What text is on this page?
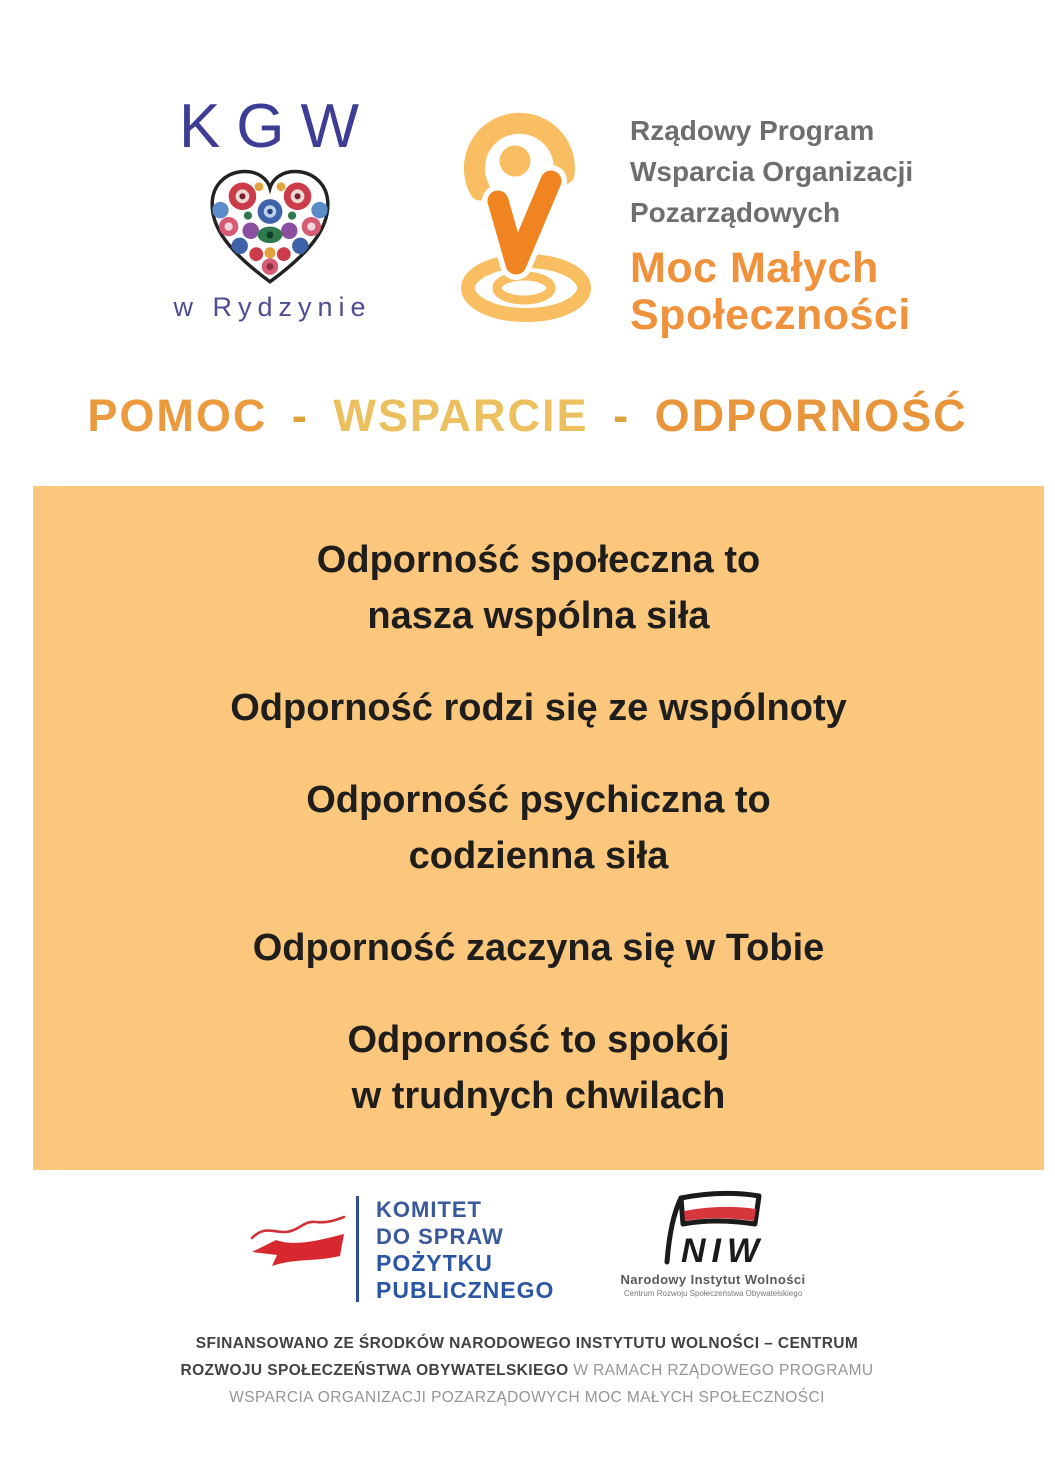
KGW
w Rydzynie
Rządowy Program
Wsparcia Organizacji
Pozarządowych
Moc Małych
Społeczności
POMOC - WSPARCIE - ODPORNOŚĆ
Odporność społeczna to
nasza wspólna siła
Odporność rodzi się ze wspólnoty
Odporność psychiczna to
codzienna siła
Odporność zaczyna się w Tobie
Odporność to spokój
w trudnych chwilach
KOMITET
DO SPRAW
POŻYTKU
PUBLICZNEGO
NIW
Narodowy Instytut Wolności
Centrum Rozwoju Społeczeństwa Obywatelskiego
SFINANSOWANO ZE ŚRODKÓW NARODOWEGO INSTYTUTU WOLNOŚCI – CENTRUM ROZWOJU SPOŁECZEŃSTWA OBYWATELSKIEGO W RAMACH RZĄDOWEGO PROGRAMU WSPARCIA ORGANIZACJI POZARZĄDOWYCH MOC MAŁYCH SPOŁECZNOŚCI
